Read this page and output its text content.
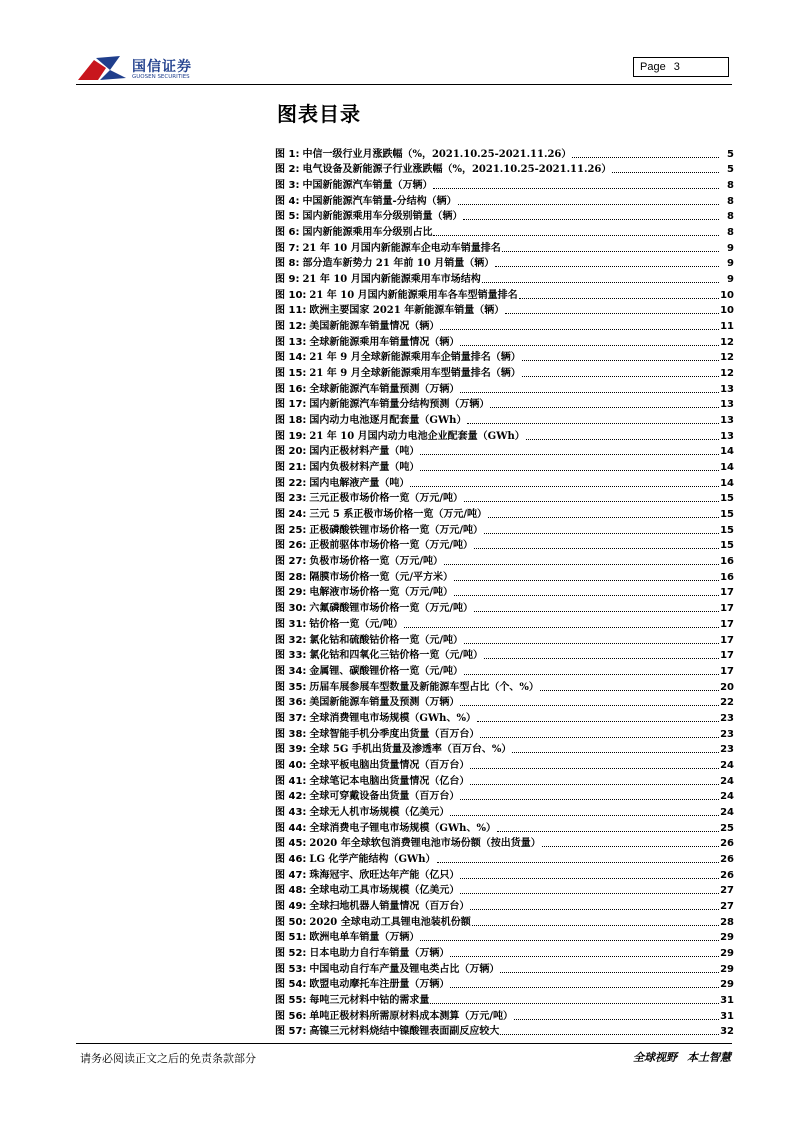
国信证券
GUOSEN SECURITIES
Page 3
图表目录
图 1: 中信一级行业月涨跌幅（%，2021.10.25-2021.11.26）	5
图 2: 电气设备及新能源子行业涨跌幅（%，2021.10.25-2021.11.26）	5
图 3: 中国新能源汽车销量（万辆）	8
图 4: 中国新能源汽车销量-分结构（辆）	8
图 5: 国内新能源乘用车分级别销量（辆）	8
图 6: 国内新能源乘用车分级别占比	8
图 7: 21 年 10 月国内新能源车企电动车销量排名	9
图 8: 部分造车新势力 21 年前 10 月销量（辆）	9
图 9: 21 年 10 月国内新能源乘用车市场结构	9
图 10: 21 年 10 月国内新能源乘用车各车型销量排名	10
图 11: 欧洲主要国家 2021 年新能源车销量（辆）	10
图 12: 美国新能源车销量情况（辆）	11
图 13: 全球新能源乘用车销量情况（辆）	12
图 14: 21 年 9 月全球新能源乘用车企销量排名（辆）	12
图 15: 21 年 9 月全球新能源乘用车型销量排名（辆）	12
图 16: 全球新能源汽车销量预测（万辆）	13
图 17: 国内新能源汽车销量分结构预测（万辆）	13
图 18: 国内动力电池逐月配套量（GWh）	13
图 19: 21 年 10 月国内动力电池企业配套量（GWh）	13
图 20: 国内正极材料产量（吨）	14
图 21: 国内负极材料产量（吨）	14
图 22: 国内电解液产量（吨）	14
图 23: 三元正极市场价格一览（万元/吨）	15
图 24: 三元 5 系正极市场价格一览（万元/吨）	15
图 25: 正极磷酸铁锂市场价格一览（万元/吨）	15
图 26: 正极前驱体市场价格一览（万元/吨）	15
图 27: 负极市场价格一览（万元/吨）	16
图 28: 隔膜市场价格一览（元/平方米）	16
图 29: 电解液市场价格一览（万元/吨）	17
图 30: 六氟磷酸锂市场价格一览（万元/吨）	17
图 31: 钴价格一览（元/吨）	17
图 32: 氯化钴和硫酸钴价格一览（元/吨）	17
图 33: 氯化钴和四氧化三钴价格一览（元/吨）	17
图 34: 金属锂、碳酸锂价格一览（元/吨）	17
图 35: 历届车展参展车型数量及新能源车型占比（个、%）	20
图 36: 美国新能源车销量及预测（万辆）	22
图 37: 全球消费锂电市场规模（GWh、%）	23
图 38: 全球智能手机分季度出货量（百万台）	23
图 39: 全球 5G 手机出货量及渗透率（百万台、%）	23
图 40: 全球平板电脑出货量情况（百万台）	24
图 41: 全球笔记本电脑出货量情况（亿台）	24
图 42: 全球可穿戴设备出货量（百万台）	24
图 43: 全球无人机市场规模（亿美元）	24
图 44: 全球消费电子锂电市场规模（GWh、%）	25
图 45: 2020 年全球软包消费锂电池市场份额（按出货量）	26
图 46: LG 化学产能结构（GWh）	26
图 47: 珠海冠宇、欣旺达年产能（亿只）	26
图 48: 全球电动工具市场规模（亿美元）	27
图 49: 全球扫地机器人销量情况（百万台）	27
图 50: 2020 全球电动工具锂电池装机份额	28
图 51: 欧洲电单车销量（万辆）	29
图 52: 日本电助力自行车销量（万辆）	29
图 53: 中国电动自行车产量及锂电类占比（万辆）	29
图 54: 欧盟电动摩托车注册量（万辆）	29
图 55: 每吨三元材料中钴的需求量	31
图 56: 单吨正极材料所需原材料成本测算（万元/吨）	31
图 57: 高镍三元材料烧结中镍酸锂表面副反应较大	32
请务必阅读正文之后的免责条款部分	全球视野 本土智慧
